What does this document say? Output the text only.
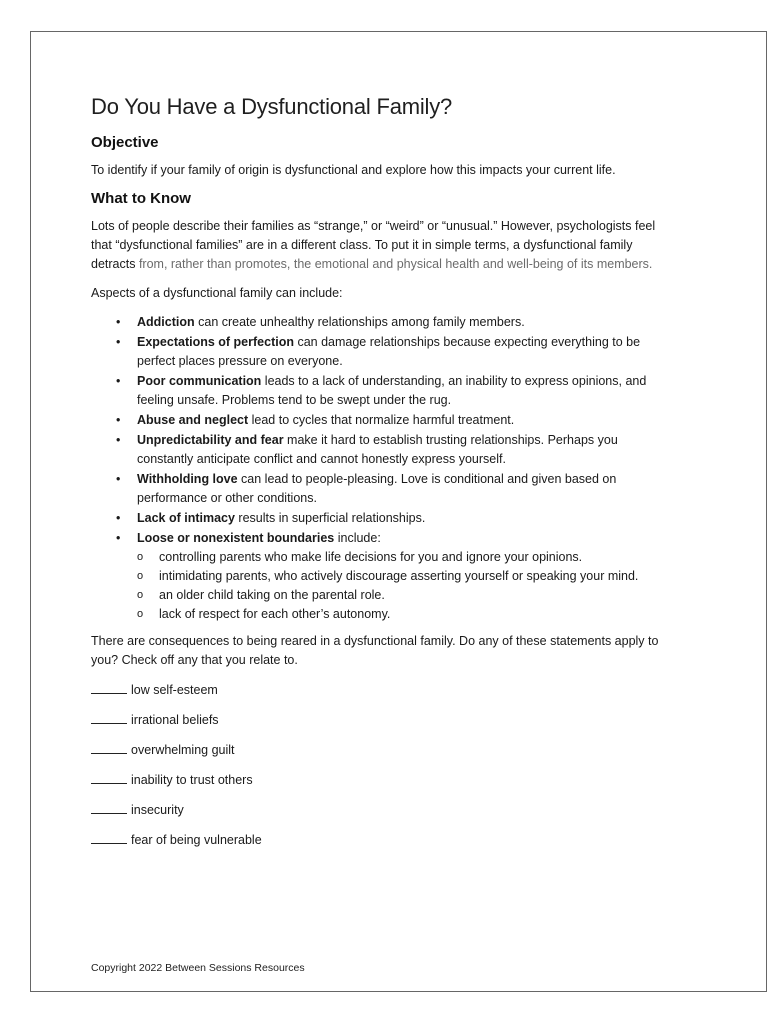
Do You Have a Dysfunctional Family?
Objective

To identify if your family of origin is dysfunctional and explore how this impacts your current life.

What to Know

Lots of people describe their families as “strange,” or “weird” or “unusual.” However, psychologists feel that “dysfunctional families” are in a different class. To put it in simple terms, a dysfunctional family detracts from, rather than promotes, the emotional and physical health and well-being of its members.

Aspects of a dysfunctional family can include:

• Addiction can create unhealthy relationships among family members.
• Expectations of perfection can damage relationships because expecting everything to be perfect places pressure on everyone.
• Poor communication leads to a lack of understanding, an inability to express opinions, and feeling unsafe. Problems tend to be swept under the rug.
• Abuse and neglect lead to cycles that normalize harmful treatment.
• Unpredictability and fear make it hard to establish trusting relationships. Perhaps you constantly anticipate conflict and cannot honestly express yourself.
• Withholding love can lead to people-pleasing. Love is conditional and given based on performance or other conditions.
• Lack of intimacy results in superficial relationships.
• Loose or nonexistent boundaries include:
o controlling parents who make life decisions for you and ignore your opinions.
o intimidating parents, who actively discourage asserting yourself or speaking your mind.
o an older child taking on the parental role.
o lack of respect for each other’s autonomy.

There are consequences to being reared in a dysfunctional family. Do any of these statements apply to you? Check off any that you relate to.

low self-esteem
irrational beliefs
overwhelming guilt
inability to trust others
insecurity
fear of being vulnerable
Copyright 2022 Between Sessions Resources
